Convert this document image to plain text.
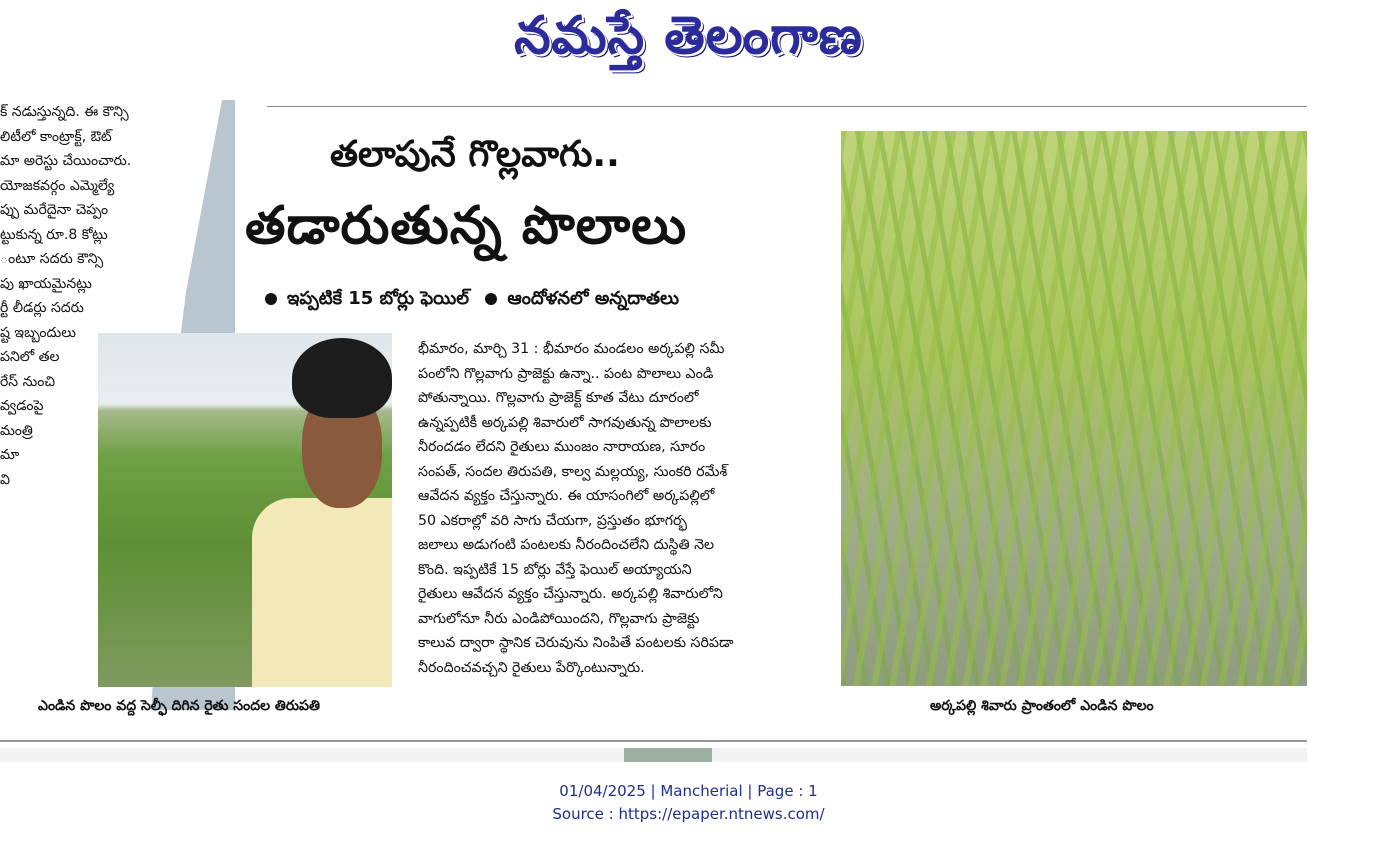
నమస్తే తెలంగాణ
క్ నడుస్తున్నది. ఈ కౌన్సి
లిటీలో కాంట్రాక్ట్, ఔట్
మా అరెస్టు చేయించారు.
యోజకవర్గం ఎమ్మెల్యే
ప్పు మరేదైనా చెప్పం
ట్టుకున్న రూ.8 కోట్లు
ంటూ సదరు కౌన్సి
పు ఖాయమైనట్లు
ర్టీ లీడర్లు సదరు
ష్ట ఇబ్బందులు
పనిలో తల
రేస్ నుంచి
వ్వడంపై
మంత్రి
మా
వి
తలాపునే గొల్లవాగు..
తడారుతున్న పొలాలు
ఇప్పటికే 15 బోర్లు ఫెయిల్ ఆందోళనలో అన్నదాతలు
ఎండిన పొలం వద్ద సెల్ఫీ దిగిన రైతు సందల తిరుపతి
భీమారం, మార్చి 31 : భీమారం మండలం అర్కపల్లి సమీ
పంలోని గొల్లవాగు ప్రాజెక్టు ఉన్నా.. పంట పొలాలు ఎండి
పోతున్నాయి. గొల్లవాగు ప్రాజెక్ట్ కూత వేటు దూరంలో
ఉన్నప్పటికీ అర్కపల్లి శివారులో సాగవుతున్న పొలాలకు
నీరందడం లేదని రైతులు ముంజం నారాయణ, సూరం
సంపత్, సందల తిరుపతి, కాల్వ మల్లయ్య, సుంకరి రమేశ్
ఆవేదన వ్యక్తం చేస్తున్నారు. ఈ యాసంగిలో అర్కపల్లిలో
50 ఎకరాల్లో వరి సాగు చేయగా, ప్రస్తుతం భూగర్భ
జలాలు అడుగంటి పంటలకు నీరందించలేని దుస్థితి నెల
కొంది. ఇప్పటికే 15 బోర్లు వేస్తే ఫెయిల్ అయ్యాయని
రైతులు ఆవేదన వ్యక్తం చేస్తున్నారు. అర్కపల్లి శివారులోని
వాగులోనూ నీరు ఎండిపోయిందని, గొల్లవాగు ప్రాజెక్టు
కాలువ ద్వారా స్థానిక చెరువును నింపితే పంటలకు సరిపడా
నీరందించవచ్చని రైతులు పేర్కొంటున్నారు.
అర్కపల్లి శివారు ప్రాంతంలో ఎండిన పొలం
01/04/2025 | Mancherial | Page : 1
Source : https://epaper.ntnews.com/
